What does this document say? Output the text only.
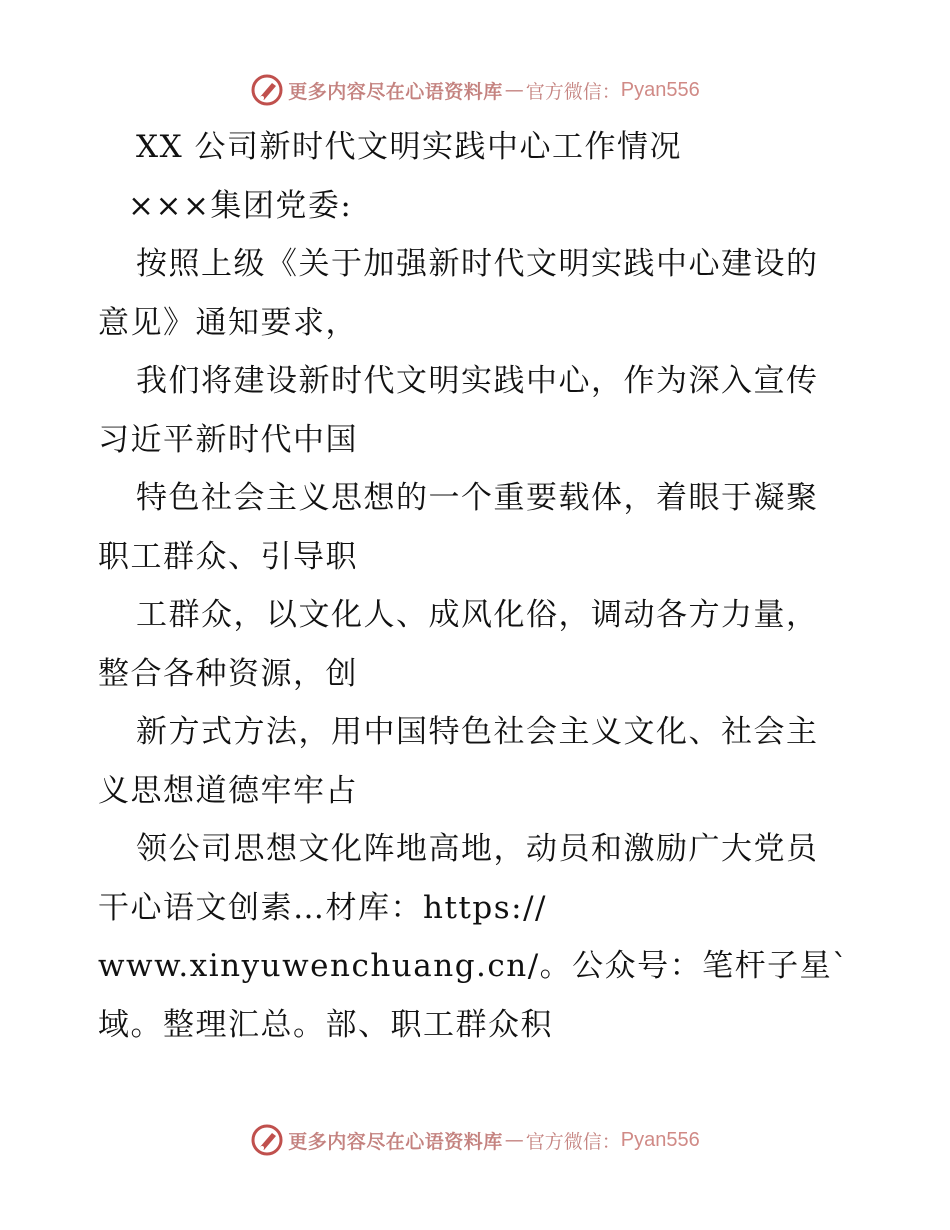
更多内容尽在心语资料库 — 官方微信： Pyan556
XX 公司新时代文明实践中心工作情况
×××集团党委:
按照上级《关于加强新时代文明实践中心建设的
意见》通知要求，
我们将建设新时代文明实践中心，作为深入宣传
习近平新时代中国
特色社会主义思想的一个重要载体，着眼于凝聚
职工群众、引导职
工群众，以文化人、成风化俗，调动各方力量，
整合各种资源，创
新方式方法，用中国特色社会主义文化、社会主
义思想道德牢牢占
领公司思想文化阵地高地，动员和激励广大党员
干心语文创素…材库：https://
www.xinyuwenchuang.cn/。公众号：笔杆子星`
域。整理汇总。部、职工群众积
更多内容尽在心语资料库 — 官方微信： Pyan556
